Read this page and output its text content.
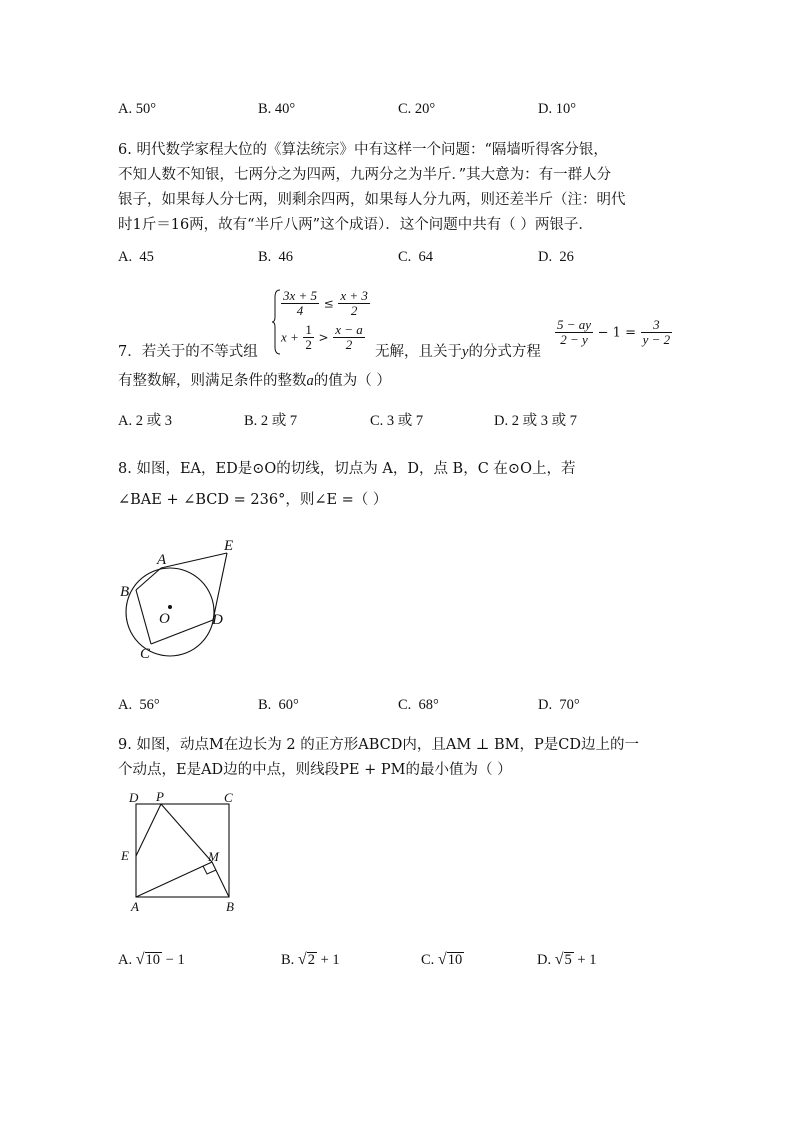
A. 50°	B. 40°	C. 20°	D. 10°
6. 明代数学家程大位的《算法统宗》中有这样一个问题：“隔墙听得客分银，
不知人数不知银，七两分之为四两，九两分之为半斤．”其大意为：有一群人分
银子，如果每人分七两，则剩余四两，如果每人分九两，则还差半斤（注：明代
时1斤＝16两，故有“半斤八两”这个成语）．这个问题中共有（ ）两银子．
A. 45	B. 46	C. 64	D. 26
7．若关于的不等式组
$\frac{3x + 5}{4} \le \frac{x + 3}{2}$
$x + \frac{1}{2} > \frac{x - a}{2}$ 无解，且关于y的分式方程
$\frac{5 - ay}{2 - y} - 1 = \frac{3}{y - 2}$
有整数解，则满足条件的整数a的值为（ ）
A. 2 或 3	B. 2 或 7	C. 3 或 7	D. 2 或 3 或 7
8. 如图，EA，ED是⊙O的切线，切点为 A，D，点 B，C 在⊙O上，若
∠BAE + ∠BCD = 236°，则∠E =（ ）
A
E
B
O	D
C
A. 56°	B. 60°	C. 68°	D. 70°
9. 如图，动点M在边长为 2 的正方形ABCD内，且AM ⊥ BM，P是CD边上的一
个动点，E是AD边的中点，则线段PE + PM的最小值为（ ）
D P	C
E	M
A	B
A. √10 − 1	B. √2 + 1	C. √10	D. √5 + 1
